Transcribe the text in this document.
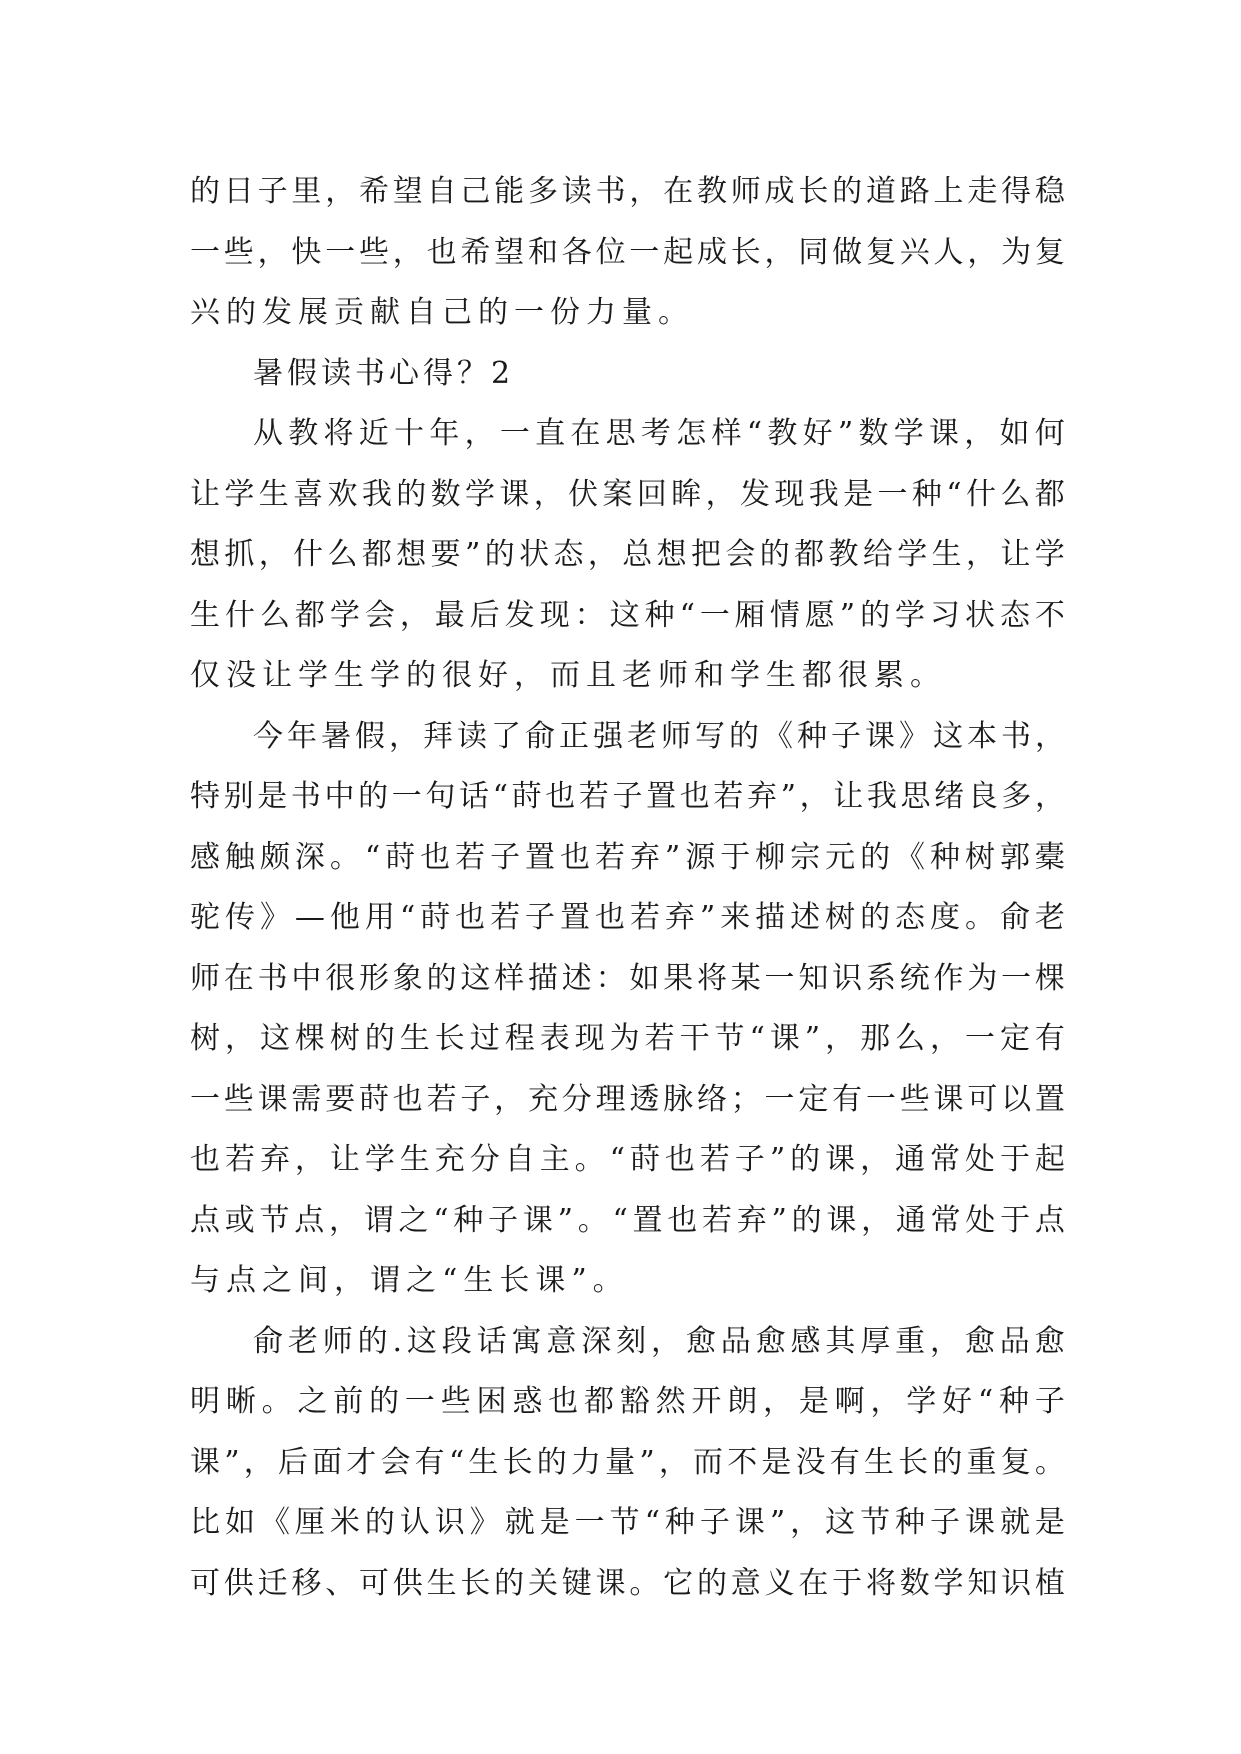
的 日 子 里 ， 希 望 自 己 能 多 读 书 ， 在 教 师 成 长 的 道 路 上 走 得 稳
一 些 ， 快 一 些 ， 也 希 望 和 各 位 一 起 成 长 ， 同 做 复 兴 人 ， 为 复
兴的发展贡献自己的一份力量。
暑假读书心得？2
从 教 将 近 十 年 ， 一 直 在 思 考 怎 样 “ 教 好 ” 数 学 课 ， 如 何
让 学 生 喜 欢 我 的 数 学 课 ， 伏 案 回 眸 ， 发 现 我 是 一 种 “ 什 么 都
想 抓 ， 什 么 都 想 要 ” 的 状 态 ， 总 想 把 会 的 都 教 给 学 生 ， 让 学
生 什 么 都 学 会 ， 最 后 发 现 ： 这 种 “ 一 厢 情 愿 ” 的 学 习 状 态 不
仅没让学生学的很好，而且老师和学生都很累。
今 年 暑 假 ， 拜 读 了 俞 正 强 老 师 写 的 《 种 子 课 》 这 本 书 ，
特 别 是 书 中 的 一 句 话 “ 莳 也 若 子 置 也 若 弃 ” ， 让 我 思 绪 良 多 ，
感 触 颇 深 。 “ 莳 也 若 子 置 也 若 弃 ” 源 于 柳 宗 元 的 《 种 树 郭 橐
驼 传 》 — 他 用 “ 莳 也 若 子 置 也 若 弃 ” 来 描 述 树 的 态 度 。 俞 老
师 在 书 中 很 形 象 的 这 样 描 述 ： 如 果 将 某 一 知 识 系 统 作 为 一 棵
树 ， 这 棵 树 的 生 长 过 程 表 现 为 若 干 节 “ 课 ” ， 那 么 ， 一 定 有
一 些 课 需 要 莳 也 若 子 ， 充 分 理 透 脉 络 ； 一 定 有 一 些 课 可 以 置
也 若 弃 ， 让 学 生 充 分 自 主 。 “ 莳 也 若 子 ” 的 课 ， 通 常 处 于 起
点 或 节 点 ， 谓 之 “ 种 子 课 ” 。 “ 置 也 若 弃 ” 的 课 ， 通 常 处 于 点
与点之间，谓之“生长课”。
俞 老 师 的 . 这 段 话 寓 意 深 刻 ， 愈 品 愈 感 其 厚 重 ， 愈 品 愈
明 晰 。 之 前 的 一 些 困 惑 也 都 豁 然 开 朗 ， 是 啊 ， 学 好 “ 种 子
课 ” ， 后 面 才 会 有 “ 生 长 的 力 量 ” ， 而 不 是 没 有 生 长 的 重 复 。
比 如 《 厘 米 的 认 识 》 就 是 一 节 “ 种 子 课 ” ， 这 节 种 子 课 就 是
可 供 迁 移 、 可 供 生 长 的 关 键 课 。 它 的 意 义 在 于 将 数 学 知 识 植
